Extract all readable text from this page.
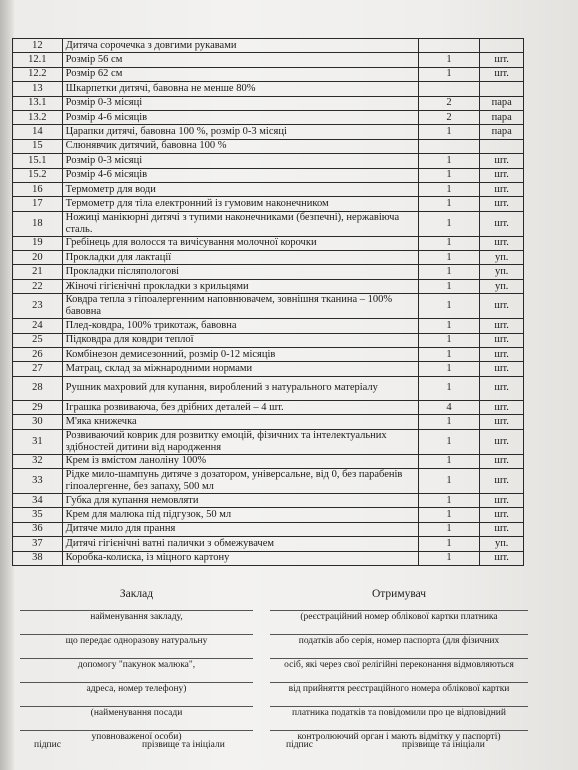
12	Дитяча сорочечка з довгими рукавами		
12.1	Розмір 56 см	1	шт.
12.2	Розмір 62 см	1	шт.
13	Шкарпетки дитячі, бавовна не менше 80%		
13.1	Розмір 0-3 місяці	2	пара
13.2	Розмір 4-6 місяців	2	пара
14	Царапки дитячі, бавовна 100 %, розмір 0-3 місяці	1	пара
15	Слюнявчик дитячий, бавовна 100 %		
15.1	Розмір 0-3 місяці	1	шт.
15.2	Розмір 4-6 місяців	1	шт.
16	Термометр для води	1	шт.
17	Термометр для тіла електронний із гумовим наконечником	1	шт.
18	Ножиці манікюрні дитячі з тупими наконечниками (безпечні), нержавіюча сталь.	1	шт.
19	Гребінець для волосся та вичісування молочної корочки	1	шт.
20	Прокладки для лактації	1	уп.
21	Прокладки післяпологові	1	уп.
22	Жіночі гігієнічні прокладки з крильцями	1	уп.
23	Ковдра тепла з гіпоалергенним наповнювачем, зовнішня тканина – 100% бавовна	1	шт.
24	Плед-ковдра, 100% трикотаж, бавовна	1	шт.
25	Підковдра для ковдри теплої	1	шт.
26	Комбінезон демисезонний, розмір 0-12 місяців	1	шт.
27	Матрац, склад за міжнародними нормами	1	шт.
28	Рушник махровий для купання, вироблений з натурального матеріалу	1	шт.
29	Іграшка розвиваюча, без дрібних деталей – 4 шт.	4	шт.
30	М'яка книжечка	1	шт.
31	Розвиваючий коврик для розвитку емоцій, фізичних та інтелектуальних здібностей дитини від народження	1	шт.
32	Крем із вмістом ланоліну 100%	1	шт.
33	Рідке мило-шампунь дитяче з дозатором, універсальне, від 0, без парабенів гіпоалергенне, без запаху, 500 мл	1	шт.
34	Губка для купання немовляти	1	шт.
35	Крем для малюка під підгузок, 50 мл	1	шт.
36	Дитяче мило для прання	1	шт.
37	Дитячі гігієнічні ватні палички з обмежувачем	1	уп.
38	Коробка-колиска, із міцного картону	1	шт.
Заклад
найменування закладу,
що передає одноразову натуральну
допомогу "пакунок малюка",
адреса, номер телефону)
(найменування посади
уповноваженої особи)
Отримувач
(реєстраційний номер облікової картки платника
податків або серія, номер паспорта (для фізичних
осіб, які через свої релігійні переконання відмовляються
від прийняття реєстраційного номера облікової картки
платника податків та повідомили про це відповідний
контролюючий орган і мають відмітку у паспорті)
підпис	прізвище та ініціали	підпис	прізвище та ініціали
